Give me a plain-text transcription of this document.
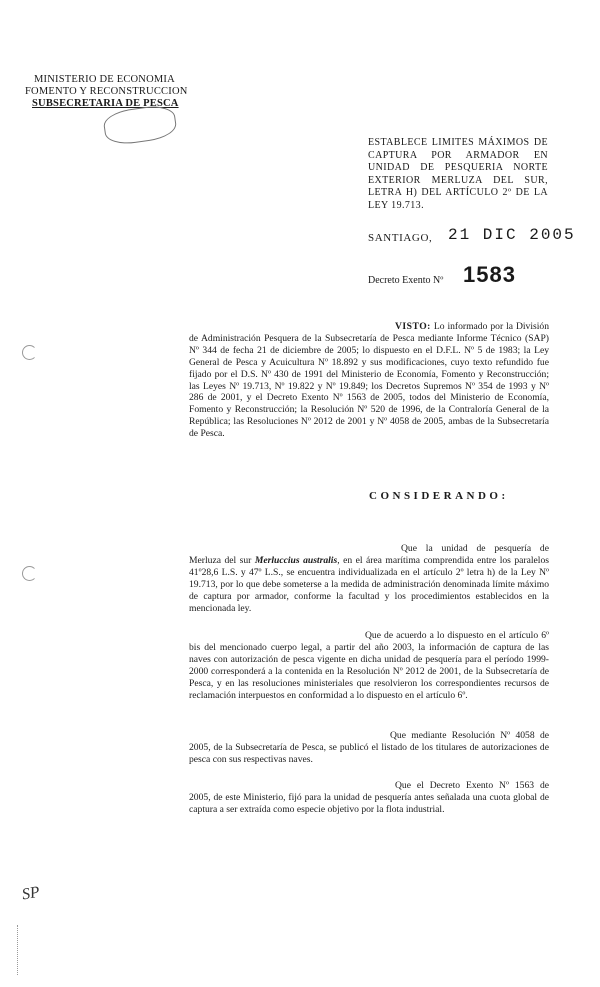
MINISTERIO DE ECONOMIA
FOMENTO Y RECONSTRUCCION
SUBSECRETARIA DE PESCA
ESTABLECE LIMITES MÁXIMOS DE CAPTURA POR ARMADOR EN UNIDAD DE PESQUERIA NORTE EXTERIOR MERLUZA DEL SUR, LETRA H) DEL ARTÍCULO 2º DE LA LEY 19.713.
SANTIAGO, 21 DIC 2005
Decreto Exento Nº 1583
VISTO: Lo informado por la División de Administración Pesquera de la Subsecretaría de Pesca mediante Informe Técnico (SAP) Nº 344 de fecha 21 de diciembre de 2005; lo dispuesto en el D.F.L. Nº 5 de 1983; la Ley General de Pesca y Acuicultura Nº 18.892 y sus modificaciones, cuyo texto refundido fue fijado por el D.S. Nº 430 de 1991 del Ministerio de Economía, Fomento y Reconstrucción; las Leyes Nº 19.713, Nº 19.822 y Nº 19.849; los Decretos Supremos Nº 354 de 1993 y Nº 286 de 2001, y el Decreto Exento Nº 1563 de 2005, todos del Ministerio de Economía, Fomento y Reconstrucción; la Resolución Nº 520 de 1996, de la Contraloría General de la República; las Resoluciones Nº 2012 de 2001 y Nº 4058 de 2005, ambas de la Subsecretaría de Pesca.
CONSIDERANDO:
Que la unidad de pesquería de Merluza del sur Merluccius australis, en el área marítima comprendida entre los paralelos 41º28,6 L.S. y 47º L.S., se encuentra individualizada en el artículo 2º letra h) de la Ley Nº 19.713, por lo que debe someterse a la medida de administración denominada límite máximo de captura por armador, conforme la facultad y los procedimientos establecidos en la mencionada ley.
Que de acuerdo a lo dispuesto en el artículo 6º bis del mencionado cuerpo legal, a partir del año 2003, la información de captura de las naves con autorización de pesca vigente en dicha unidad de pesquería para el período 1999-2000 corresponderá a la contenida en la Resolución Nº 2012 de 2001, de la Subsecretaría de Pesca, y en las resoluciones ministeriales que resolvieron los correspondientes recursos de reclamación interpuestos en conformidad a lo dispuesto en el artículo 6º.
Que mediante Resolución Nº 4058 de 2005, de la Subsecretaría de Pesca, se publicó el listado de los titulares de autorizaciones de pesca con sus respectivas naves.
Que el Decreto Exento Nº 1563 de 2005, de este Ministerio, fijó para la unidad de pesquería antes señalada una cuota global de captura a ser extraída como especie objetivo por la flota industrial.
SP
